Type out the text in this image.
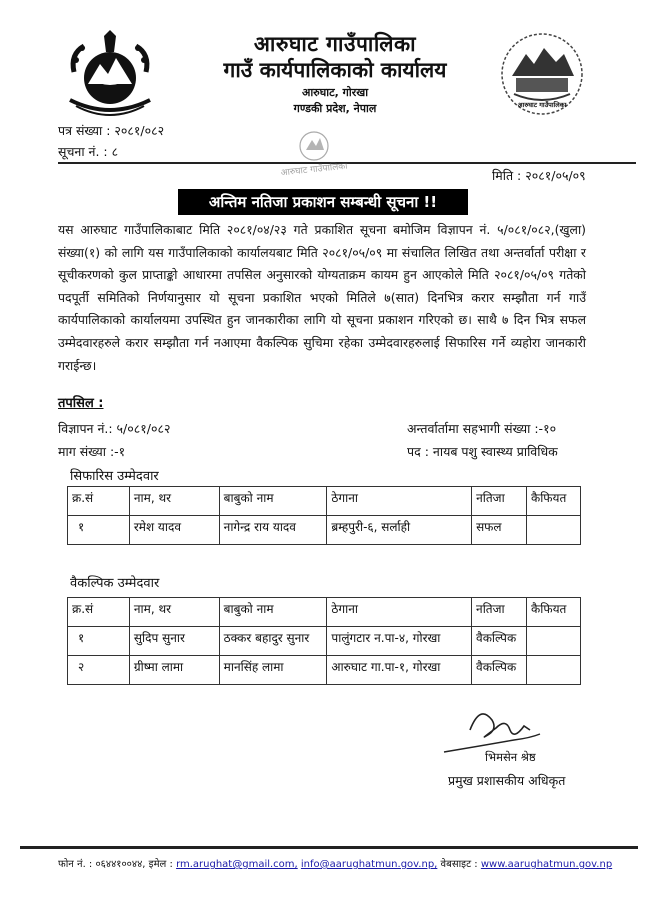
आरुघाट गाउँपालिका
गाउँ कार्यपालिकाको कार्यालय
आरुघाट, गोरखा
गण्डकी प्रदेश, नेपाल	आरुघाट गाउँपालिका
पत्र संख्या : २०८१/०८२
सूचना नं. : ८
आरुघाट गाउँपालिका	मिति : २०८१/०५/०९
अन्तिम नतिजा प्रकाशन सम्बन्धी सूचना !!
यस आरुघाट गाउँपालिकाबाट मिति २०८१/०४/२३ गते प्रकाशित सूचना बमोजिम विज्ञापन नं. ५/०८१/०८२,(खुला) संख्या(१) को लागि यस गाउँपालिकाको कार्यालयबाट मिति २०८१/०५/०९ मा संचालित लिखित तथा अन्तर्वार्ता परीक्षा र सूचीकरणको कुल प्राप्ताङ्को आधारमा तपसिल अनुसारको योग्यताक्रम कायम हुन आएकोले मिति २०८१/०५/०९ गतेको पदपूर्ती समितिको निर्णयानुसार यो सूचना प्रकाशित भएको मितिले ७(सात) दिनभित्र करार सम्झौता गर्न गाउँ कार्यपालिकाको कार्यालयमा उपस्थित हुन जानकारीका लागि यो सूचना प्रकाशन गरिएको छ। साथै ७ दिन भित्र सफल उम्मेदवारहरुले करार सम्झौता गर्न नआएमा वैकल्पिक सुचिमा रहेका उम्मेदवारहरुलाई सिफारिस गर्ने व्यहोरा जानकारी गराईन्छ।
तपसिल :
विज्ञापन नं.: ५/०८१/०८२	अन्तर्वार्तामा सहभागी संख्या :-१०
माग संख्या :-१	पद : नायब पशु स्वास्थ्य प्राविधिक
सिफारिस उम्मेदवार
क्र.सं	नाम, थर	बाबुको नाम	ठेगाना	नतिजा	कैफियत
१	रमेश यादव	नागेन्द्र राय यादव	ब्रम्हपुरी-६, सर्लाही	सफल	
वैकल्पिक उम्मेदवार
क्र.सं	नाम, थर	बाबुको नाम	ठेगाना	नतिजा	कैफियत
१	सुदिप सुनार	ठक्कर बहादुर सुनार	पालुंगटार न.पा-४, गोरखा	वैकल्पिक	
२	ग्रीष्मा लामा	मानसिंह लामा	आरुघाट गा.पा-१, गोरखा	वैकल्पिक	
भिमसेन श्रेष्ठ
प्रमुख प्रशासकीय अधिकृत
फोन नं. : ०६४४१००४४, इमेल : rm.arughat@gmail.com, info@aarughatmun.gov.np, वेबसाइट : www.aarughatmun.gov.np
